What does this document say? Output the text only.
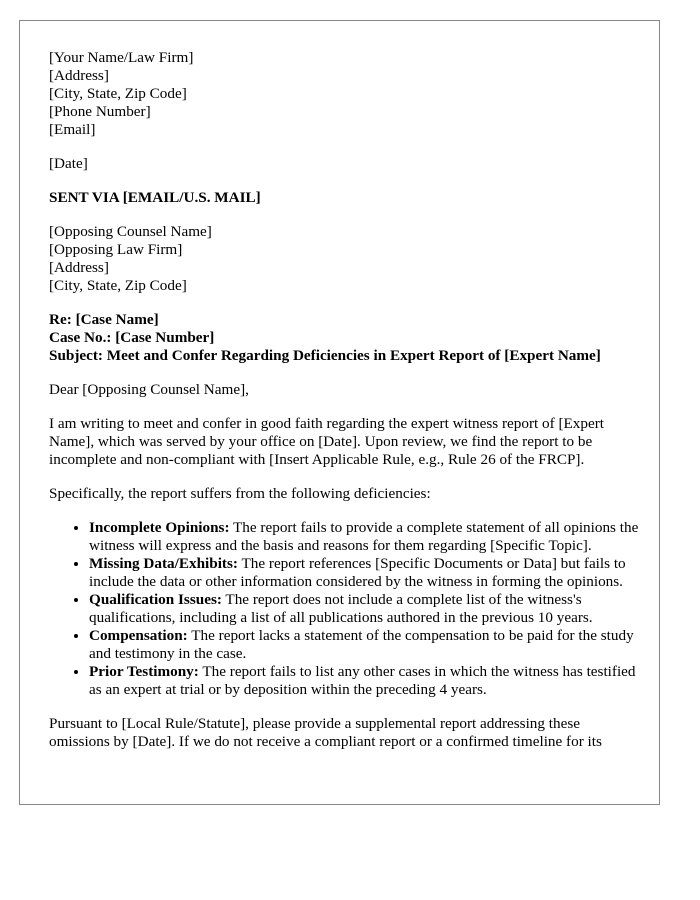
[Your Name/Law Firm]
[Address]
[City, State, Zip Code]
[Phone Number]
[Email]
[Date]
SENT VIA [EMAIL/U.S. MAIL]
[Opposing Counsel Name]
[Opposing Law Firm]
[Address]
[City, State, Zip Code]
Re: [Case Name]
Case No.: [Case Number]
Subject: Meet and Confer Regarding Deficiencies in Expert Report of [Expert Name]

Dear [Opposing Counsel Name],

I am writing to meet and confer in good faith regarding the expert witness report of [Expert Name], which was served by your office on [Date]. Upon review, we find the report to be incomplete and non-compliant with [Insert Applicable Rule, e.g., Rule 26 of the FRCP].

Specifically, the report suffers from the following deficiencies:

• Incomplete Opinions: The report fails to provide a complete statement of all opinions the witness will express and the basis and reasons for them regarding [Specific Topic].
• Missing Data/Exhibits: The report references [Specific Documents or Data] but fails to include the data or other information considered by the witness in forming the opinions.
• Qualification Issues: The report does not include a complete list of the witness's qualifications, including a list of all publications authored in the previous 10 years.
• Compensation: The report lacks a statement of the compensation to be paid for the study and testimony in the case.
• Prior Testimony: The report fails to list any other cases in which the witness has testified as an expert at trial or by deposition within the preceding 4 years.

Pursuant to [Local Rule/Statute], please provide a supplemental report addressing these omissions by [Date]. If we do not receive a compliant report or a confirmed timeline for its
